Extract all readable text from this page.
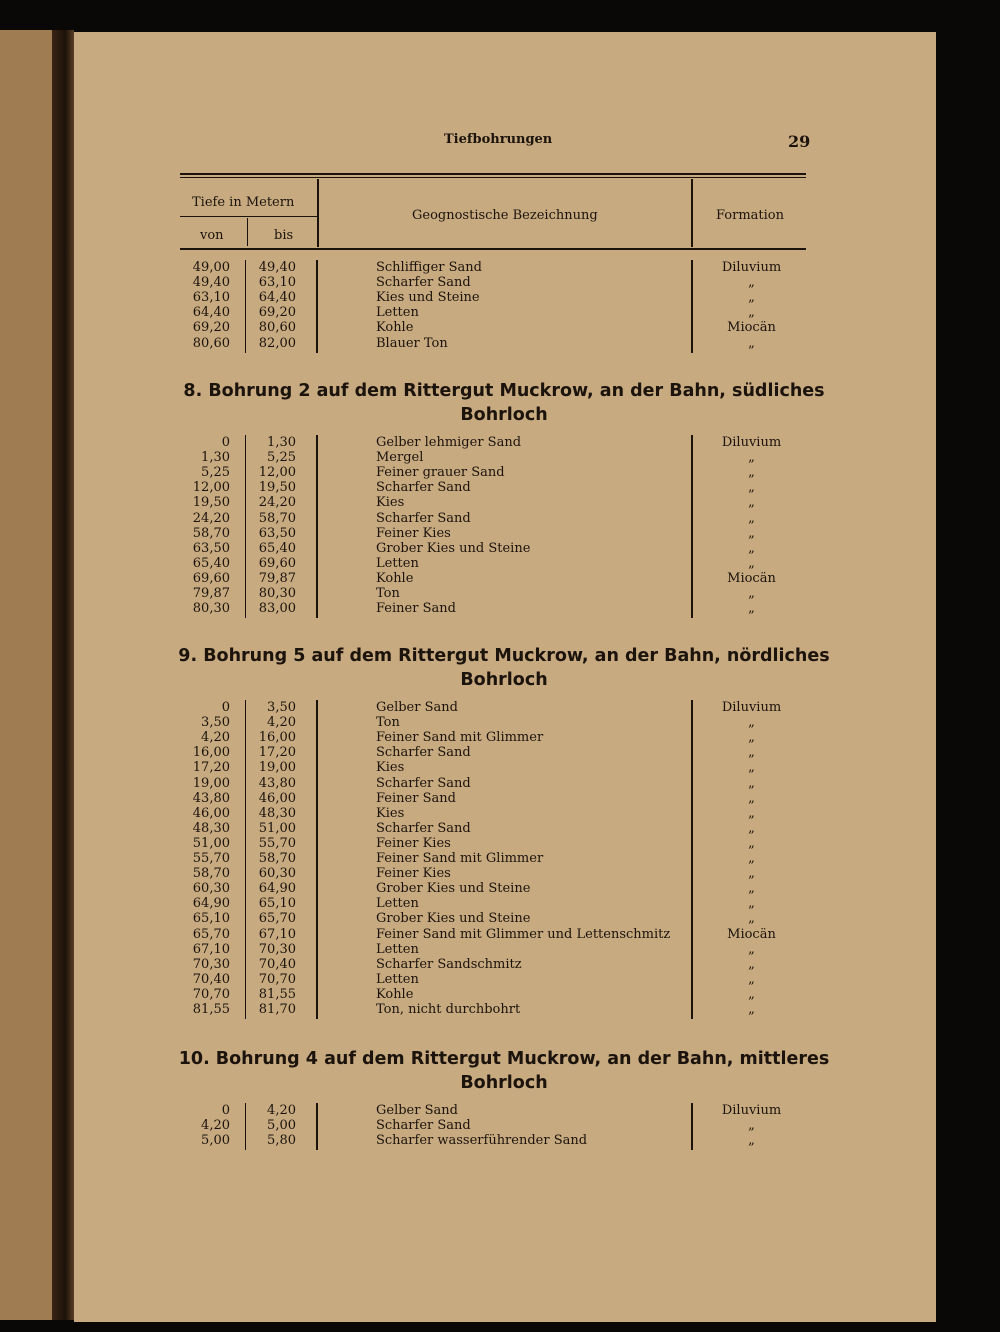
Tiefbohrungen	29
Tiefe in Metern
von	bis
Geognostische Bezeichnung	Formation
49,00	49,40	Schliffiger Sand	Diluvium
49,40	63,10	Scharfer Sand	„
63,10	64,40	Kies und Steine	„
64,40	69,20	Letten	„
69,20	80,60	Kohle	Miocän
80,60	82,00	Blauer Ton	„
8. Bohrung 2 auf dem Rittergut Muckrow, an der Bahn, südliches Bohrloch
0	1,30	Gelber lehmiger Sand	Diluvium
1,30	5,25	Mergel	„
5,25	12,00	Feiner grauer Sand	„
12,00	19,50	Scharfer Sand	„
19,50	24,20	Kies	„
24,20	58,70	Scharfer Sand	„
58,70	63,50	Feiner Kies	„
63,50	65,40	Grober Kies und Steine	„
65,40	69,60	Letten	„
69,60	79,87	Kohle	Miocän
79,87	80,30	Ton	„
80,30	83,00	Feiner Sand	„
9. Bohrung 5 auf dem Rittergut Muckrow, an der Bahn, nördliches Bohrloch
0	3,50	Gelber Sand	Diluvium
3,50	4,20	Ton	„
4,20	16,00	Feiner Sand mit Glimmer	„
16,00	17,20	Scharfer Sand	„
17,20	19,00	Kies	„
19,00	43,80	Scharfer Sand	„
43,80	46,00	Feiner Sand	„
46,00	48,30	Kies	„
48,30	51,00	Scharfer Sand	„
51,00	55,70	Feiner Kies	„
55,70	58,70	Feiner Sand mit Glimmer	„
58,70	60,30	Feiner Kies	„
60,30	64,90	Grober Kies und Steine	„
64,90	65,10	Letten	„
65,10	65,70	Grober Kies und Steine	„
65,70	67,10	Feiner Sand mit Glimmer und Lettenschmitz	Miocän
67,10	70,30	Letten	„
70,30	70,40	Scharfer Sandschmitz	„
70,40	70,70	Letten	„
70,70	81,55	Kohle	„
81,55	81,70	Ton, nicht durchbohrt	„
10. Bohrung 4 auf dem Rittergut Muckrow, an der Bahn, mittleres Bohrloch
0	4,20	Gelber Sand	Diluvium
4,20	5,00	Scharfer Sand	„
5,00	5,80	Scharfer wasserführender Sand	„
